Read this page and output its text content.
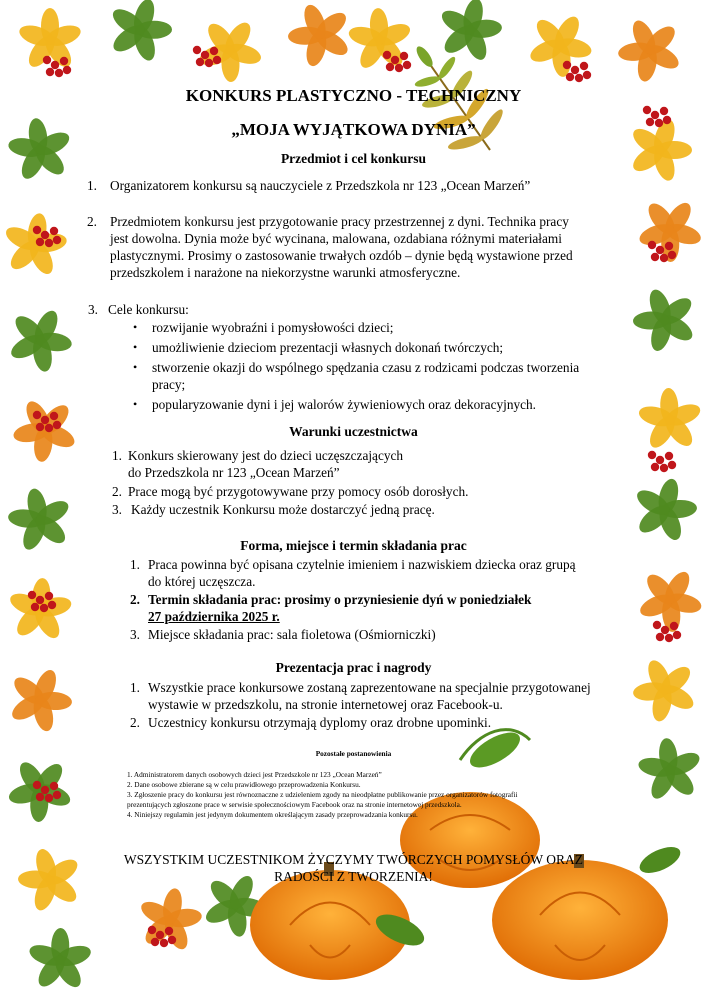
KONKURS PLASTYCZNO - TECHNICZNY
„MOJA WYJĄTKOWA DYNIA”
Przedmiot i cel konkursu
1. Organizatorem konkursu są nauczyciele z Przedszkola nr 123 „Ocean Marzeń”
2. Przedmiotem konkursu jest przygotowanie pracy przestrzennej z dyni. Technika pracy
jest dowolna. Dynia może być wycinana, malowana, ozdabiana różnymi materiałami
plastycznymi. Prosimy o zastosowanie trwałych ozdób – dynie będą wystawione przed
przedszkolem i narażone na niekorzystne warunki atmosferyczne.
3. Cele konkursu:
• rozwijanie wyobraźni i pomysłowości dzieci;
• umożliwienie dzieciom prezentacji własnych dokonań twórczych;
• stworzenie okazji do wspólnego spędzania czasu z rodzicami podczas tworzenia
pracy;
• popularyzowanie dyni i jej walorów żywieniowych oraz dekoracyjnych.
Warunki uczestnictwa
1. Konkurs skierowany jest do dzieci uczęszczających
do Przedszkola nr 123 „Ocean Marzeń”
2. Prace mogą być przygotowywane przy pomocy osób dorosłych.
3. Każdy uczestnik Konkursu może dostarczyć jedną pracę.
Forma, miejsce i termin składania prac
1. Praca powinna być opisana czytelnie imieniem i nazwiskiem dziecka oraz grupą
do której uczęszcza.
2. Termin składania prac: prosimy o przyniesienie dyń w poniedziałek
27 października 2025 r.
3. Miejsce składania prac: sala fioletowa (Ośmiorniczki)
Prezentacja prac i nagrody
1. Wszystkie prace konkursowe zostaną zaprezentowane na specjalnie przygotowanej
wystawie w przedszkolu, na stronie internetowej oraz Facebook-u.
2. Uczestnicy konkursu otrzymają dyplomy oraz drobne upominki.
Pozostałe postanowienia
1. Administratorem danych osobowych dzieci jest Przedszkole nr 123 „Ocean Marzeń”
2. Dane osobowe zbierane są w celu prawidłowego przeprowadzenia Konkursu.
3. Zgłoszenie pracy do konkursu jest równoznaczne z udzieleniem zgody na nieodpłatne publikowanie przez organizatorów fotografii
prezentujących zgłoszone prace w serwisie społecznościowym Facebook oraz na stronie internetowej przedszkola.
4. Niniejszy regulamin jest jedynym dokumentem określającym zasady przeprowadzania konkursu.
WSZYSTKIM UCZESTNIKOM ŻYCZYMY TWÓRCZYCH POMYSŁÓW ORAZ
RADOŚCI Z TWORZENIA!
